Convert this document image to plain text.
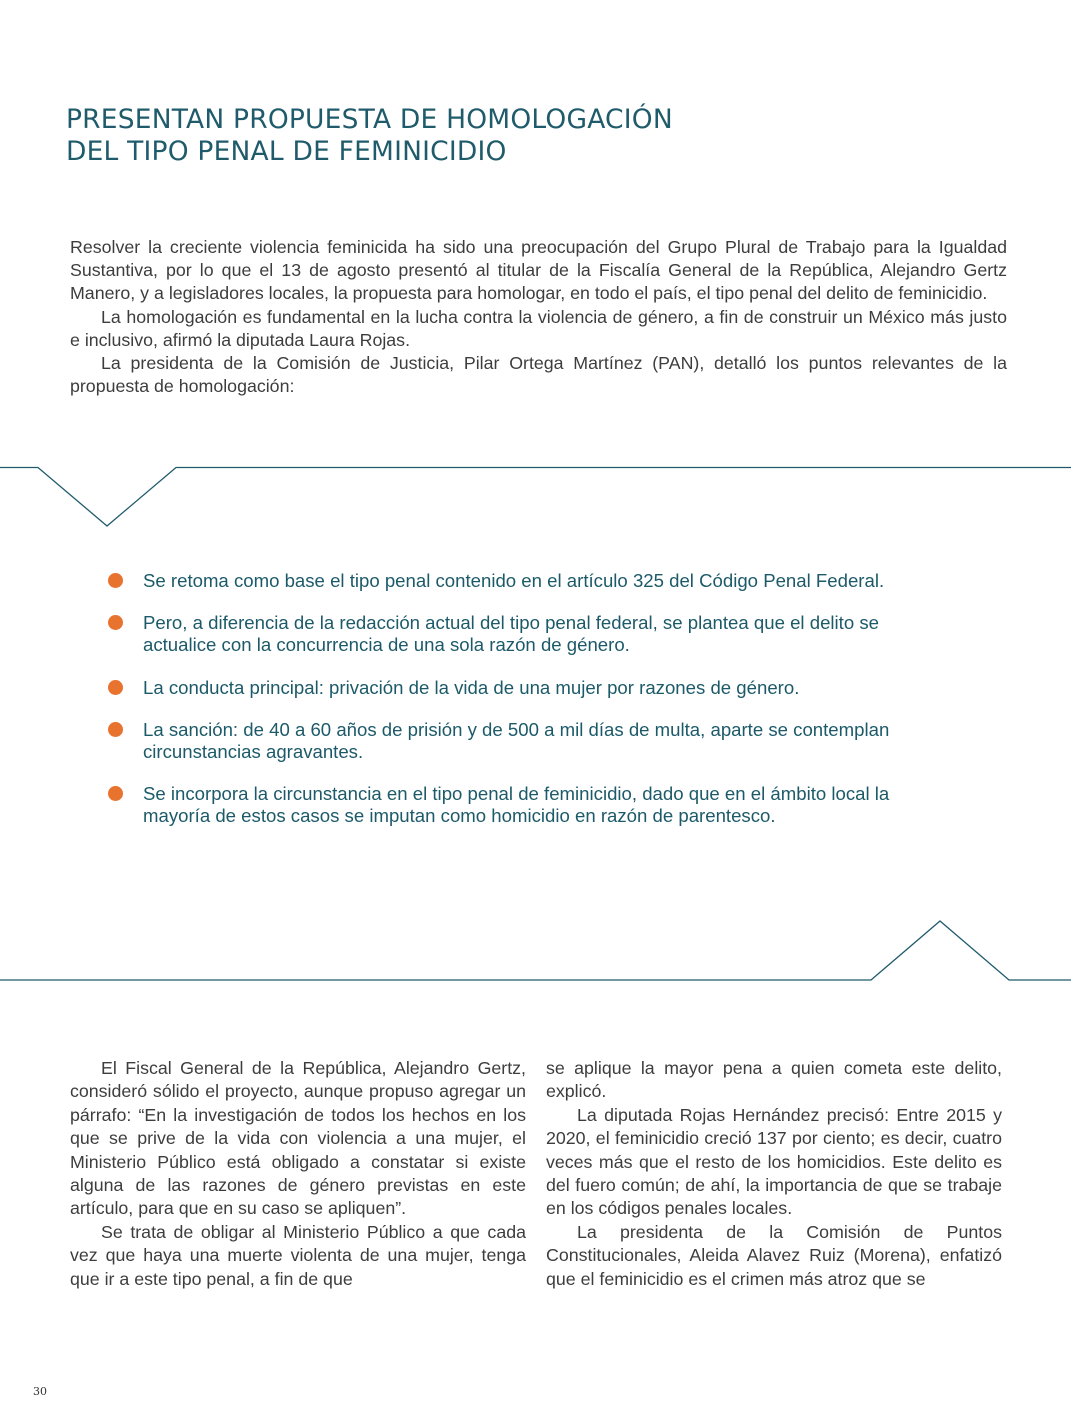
PRESENTAN PROPUESTA DE HOMOLOGACIÓN
DEL TIPO PENAL DE FEMINICIDIO

Resolver la creciente violencia feminicida ha sido una preocupación del Grupo Plural de Trabajo para la Igualdad Sustantiva, por lo que el 13 de agosto presentó al titular de la Fiscalía General de la República, Alejandro Gertz Manero, y a legisladores locales, la propuesta para homologar, en todo el país, el tipo penal del delito de feminicidio.

La homologación es fundamental en la lucha contra la violencia de género, a fin de construir un México más justo e inclusivo, afirmó la diputada Laura Rojas.

La presidenta de la Comisión de Justicia, Pilar Ortega Martínez (PAN), detalló los puntos relevantes de la propuesta de homologación:

Se retoma como base el tipo penal contenido en el artículo 325 del Código Penal Federal.
Pero, a diferencia de la redacción actual del tipo penal federal, se plantea que el delito se actualice con la concurrencia de una sola razón de género.
La conducta principal: privación de la vida de una mujer por razones de género.
La sanción: de 40 a 60 años de prisión y de 500 a mil días de multa, aparte se contemplan circunstancias agravantes.
Se incorpora la circunstancia en el tipo penal de feminicidio, dado que en el ámbito local la mayoría de estos casos se imputan como homicidio en razón de parentesco.

El Fiscal General de la República, Alejandro Gertz, consideró sólido el proyecto, aunque propuso agregar un párrafo: “En la investigación de todos los hechos en los que se prive de la vida con violencia a una mujer, el Ministerio Público está obligado a constatar si existe alguna de las razones de género previstas en este artículo, para que en su caso se apliquen”.

Se trata de obligar al Ministerio Público a que cada vez que haya una muerte violenta de una mujer, tenga que ir a este tipo penal, a fin de que

se aplique la mayor pena a quien cometa este delito, explicó.

La diputada Rojas Hernández precisó: Entre 2015 y 2020, el feminicidio creció 137 por ciento; es decir, cuatro veces más que el resto de los homicidios. Este delito es del fuero común; de ahí, la importancia de que se trabaje en los códigos penales locales.

La presidenta de la Comisión de Puntos Constitucionales, Aleida Alavez Ruiz (Morena), enfatizó que el feminicidio es el crimen más atroz que se

30
